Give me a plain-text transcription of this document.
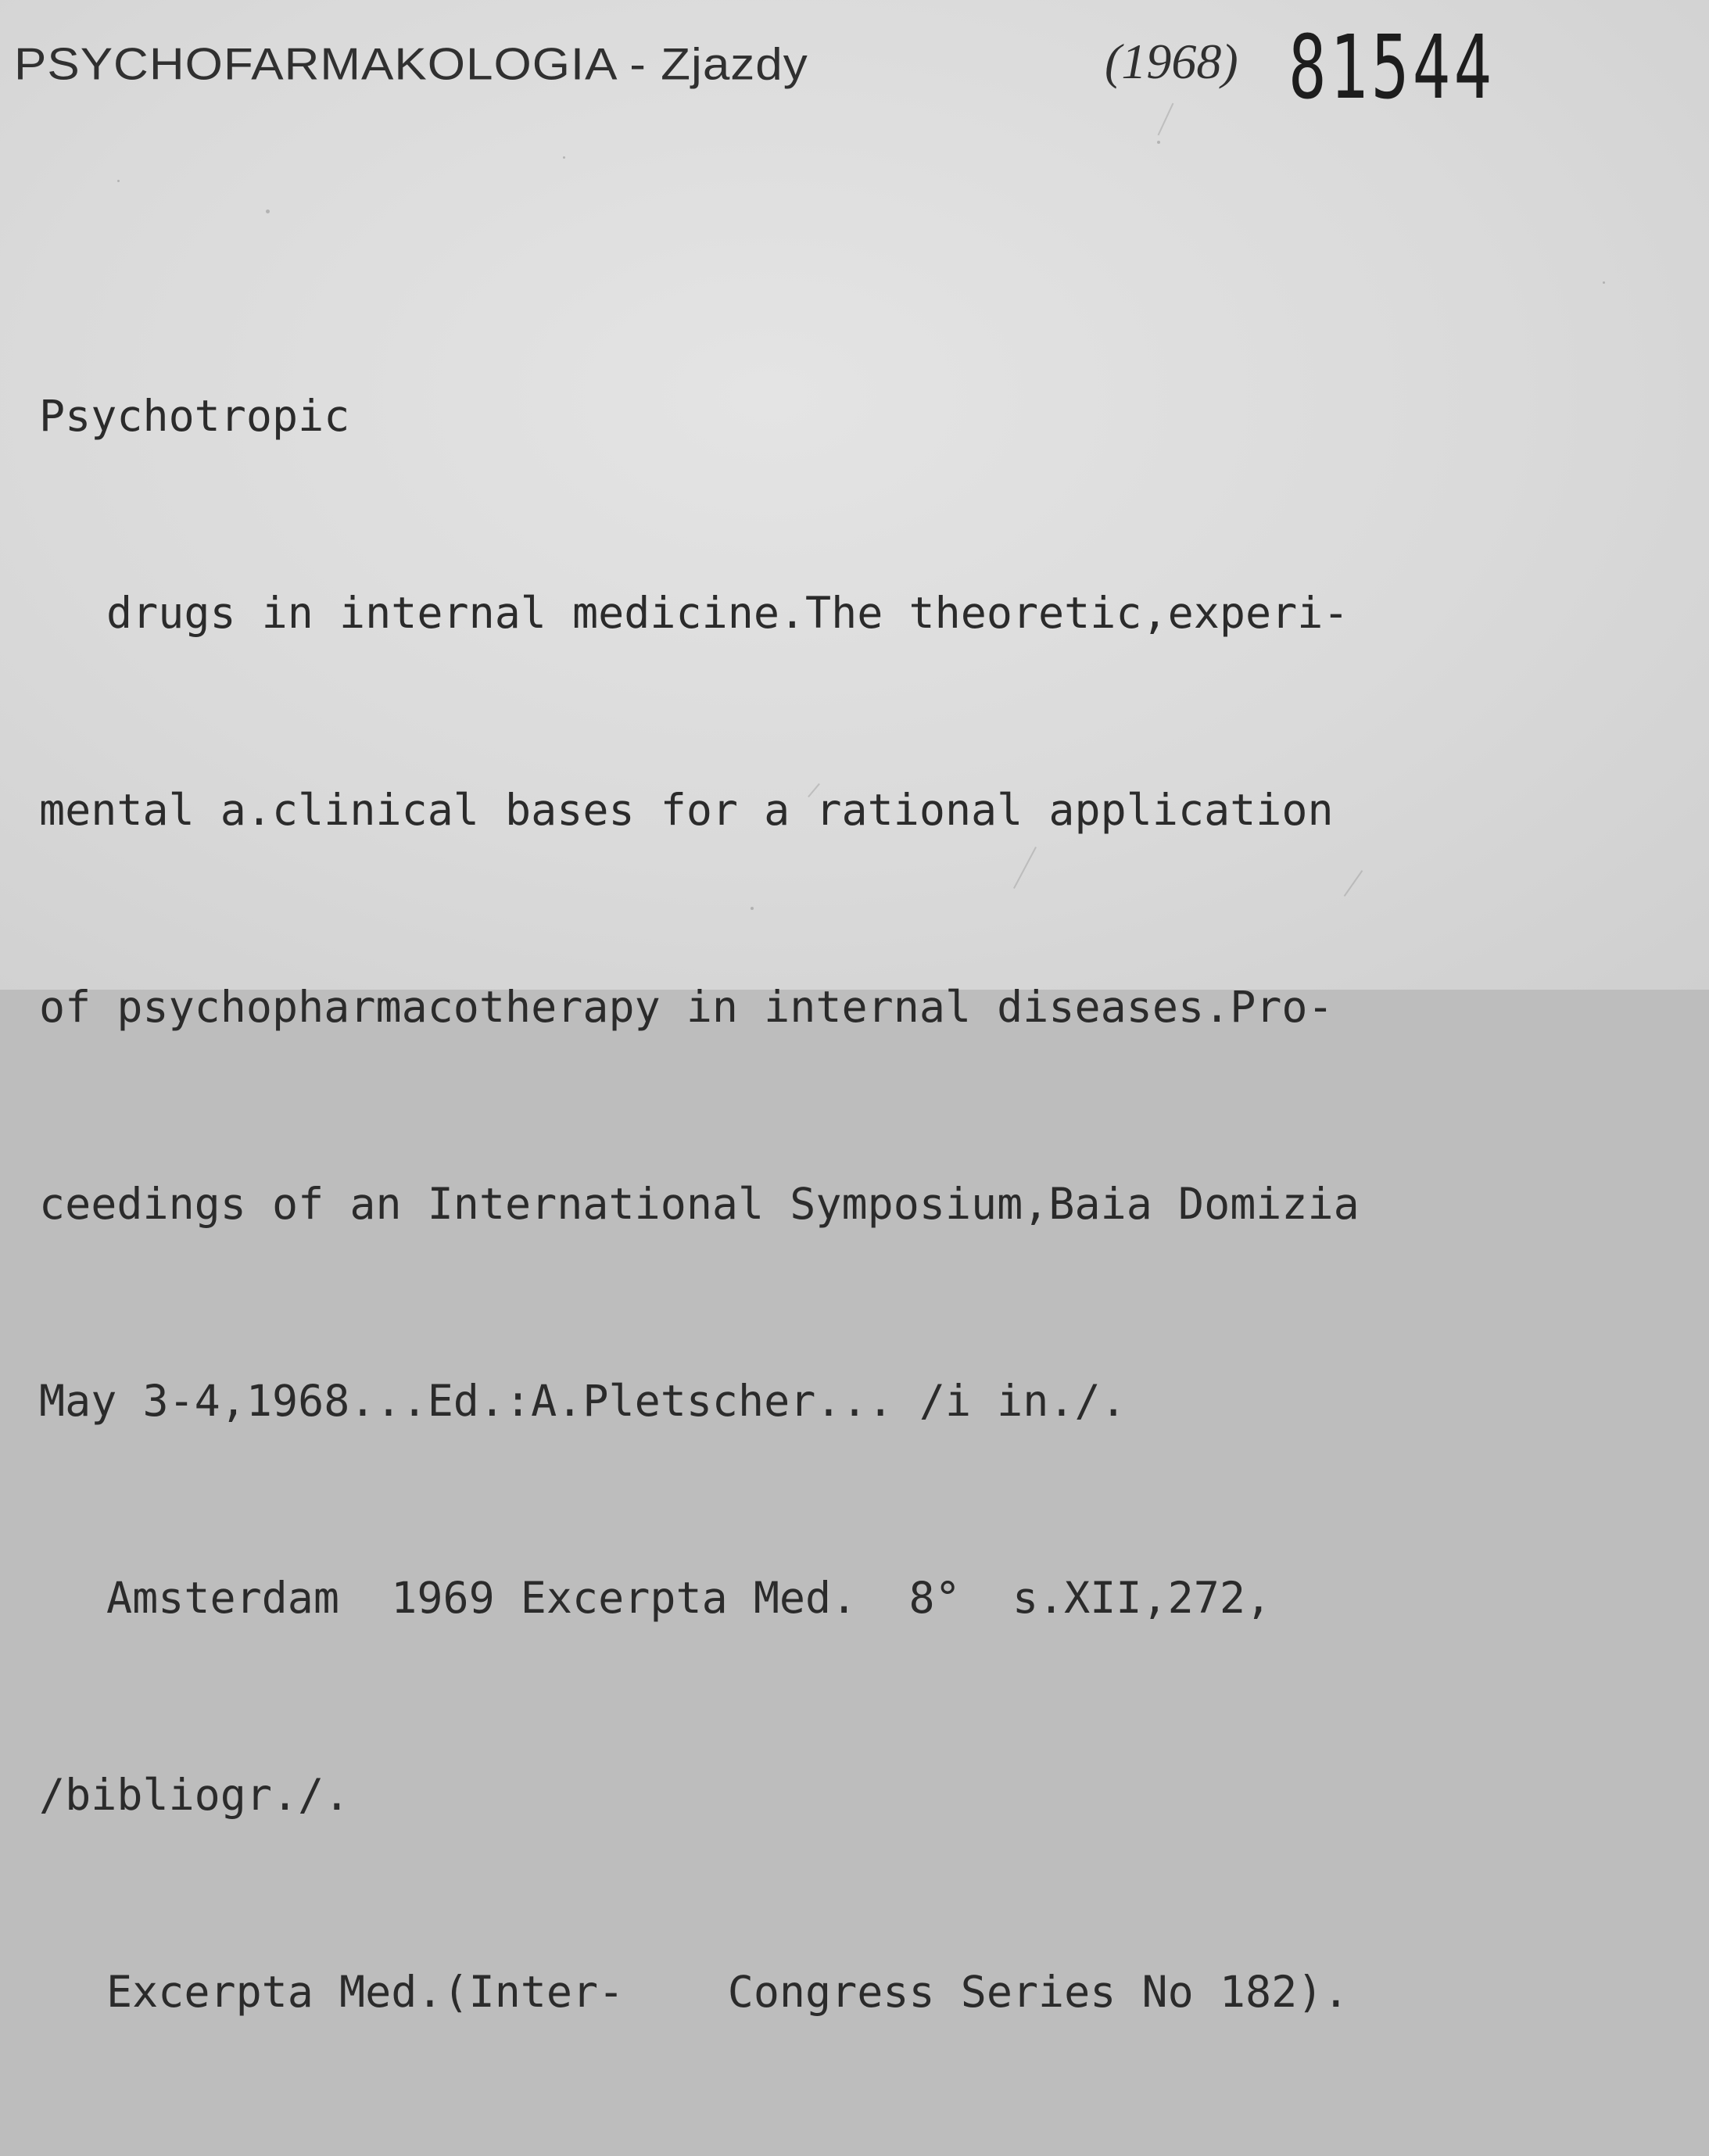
PSYCHOFARMAKOLOGIA - Zjazdy	(1968) 81544

Psychotropic

drugs in internal medicine.The theoretic,experi-

mental a.clinical bases for a rational application

of psychopharmacotherapy in internal diseases.Pro-

ceedings of an International Symposium,Baia Domizia

May 3-4,1968...Ed.:A.Pletscher... /i in./.

Amsterdam  1969 Excerpta Med.  8°  s.XII,272,

/bibliogr./.

Excerpta Med.(Inter-    Congress Series No 182).
